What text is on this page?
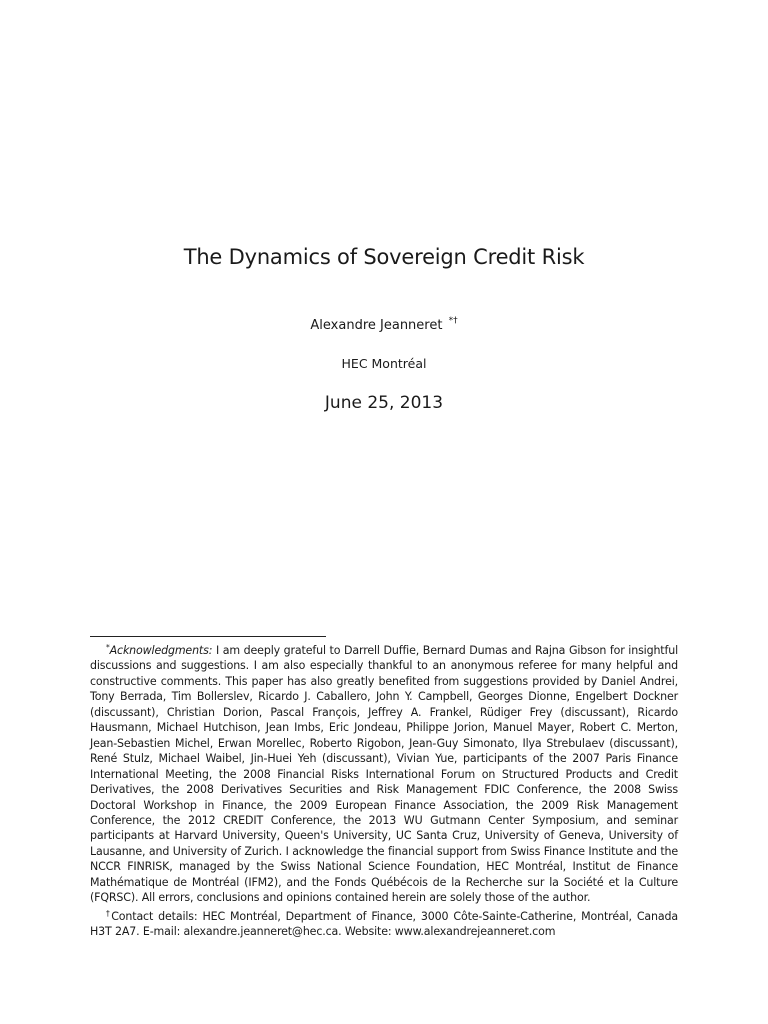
The Dynamics of Sovereign Credit Risk
Alexandre Jeanneret *†
HEC Montréal
June 25, 2013

*Acknowledgments: I am deeply grateful to Darrell Duffie, Bernard Dumas and Rajna Gibson for insightful discussions and suggestions. I am also especially thankful to an anonymous referee for many helpful and constructive comments. This paper has also greatly benefited from suggestions provided by Daniel Andrei, Tony Berrada, Tim Bollerslev, Ricardo J. Caballero, John Y. Campbell, Georges Dionne, Engelbert Dockner (discussant), Christian Dorion, Pascal François, Jeffrey A. Frankel, Rüdiger Frey (discussant), Ricardo Hausmann, Michael Hutchison, Jean Imbs, Eric Jondeau, Philippe Jorion, Manuel Mayer, Robert C. Merton, Jean-Sebastien Michel, Erwan Morellec, Roberto Rigobon, Jean-Guy Simonato, Ilya Strebulaev (discussant), René Stulz, Michael Waibel, Jin-Huei Yeh (discussant), Vivian Yue, participants of the 2007 Paris Finance International Meeting, the 2008 Financial Risks International Forum on Structured Products and Credit Derivatives, the 2008 Derivatives Securities and Risk Management FDIC Conference, the 2008 Swiss Doctoral Workshop in Finance, the 2009 European Finance Association, the 2009 Risk Management Conference, the 2012 CREDIT Conference, the 2013 WU Gutmann Center Symposium, and seminar participants at Harvard University, Queen's University, UC Santa Cruz, University of Geneva, University of Lausanne, and University of Zurich. I acknowledge the financial support from Swiss Finance Institute and the NCCR FINRISK, managed by the Swiss National Science Foundation, HEC Montréal, Institut de Finance Mathématique de Montréal (IFM2), and the Fonds Québécois de la Recherche sur la Société et la Culture (FQRSC). All errors, conclusions and opinions contained herein are solely those of the author.

†Contact details: HEC Montréal, Department of Finance, 3000 Côte-Sainte-Catherine, Montréal, Canada H3T 2A7. E-mail: alexandre.jeanneret@hec.ca. Website: www.alexandrejeanneret.com
